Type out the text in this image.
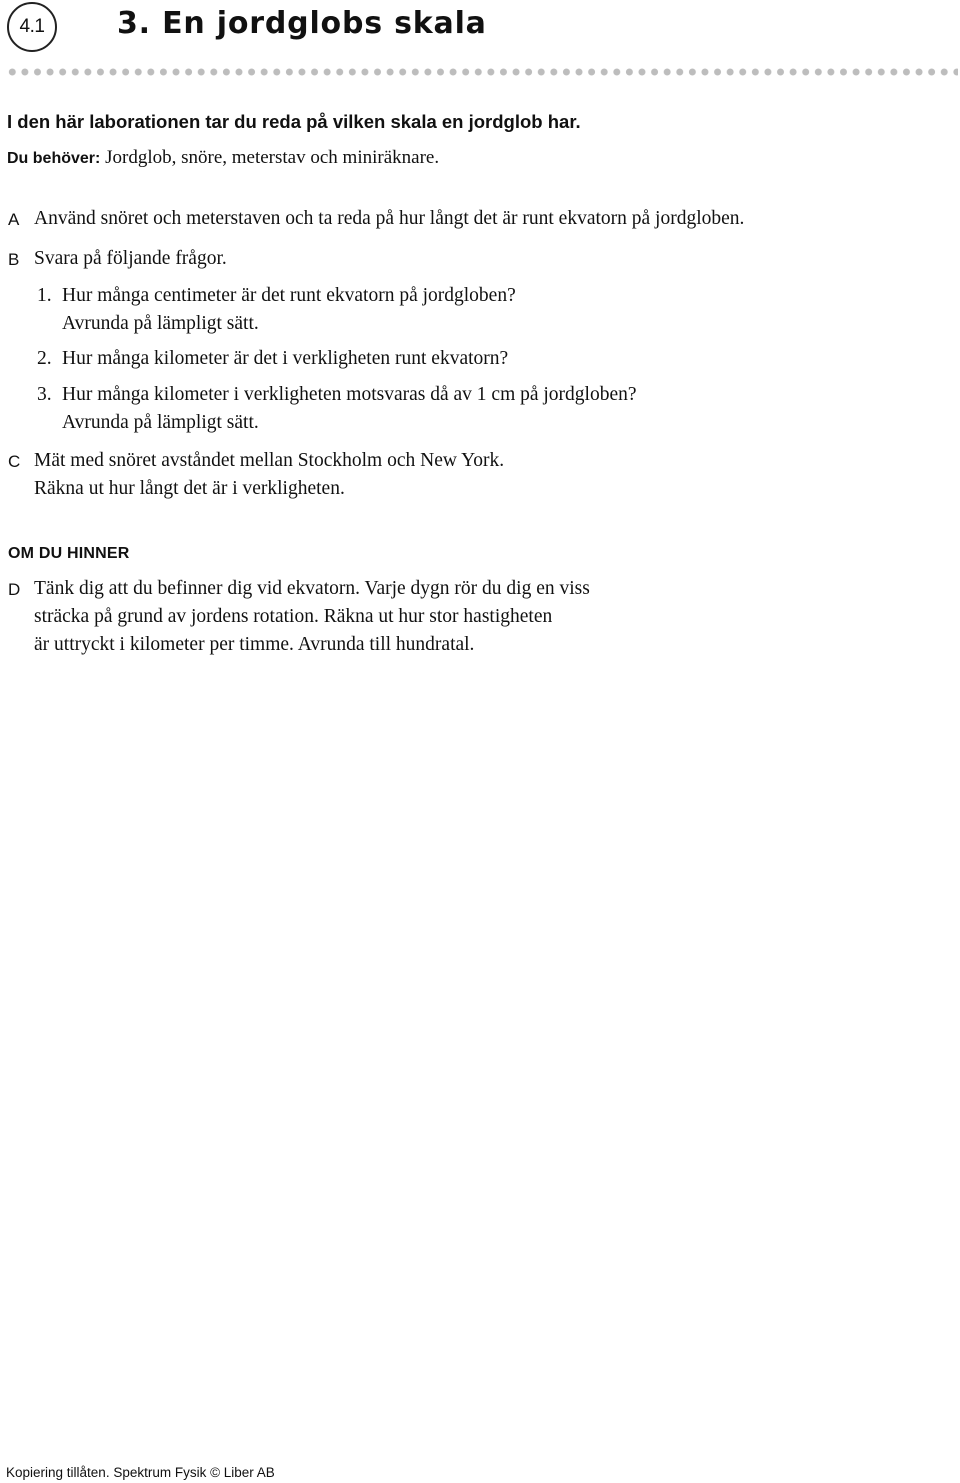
4.1	3. En jordglobs skala
I den här laborationen tar du reda på vilken skala en jordglob har.
Du behöver: Jordglob, snöre, meterstav och miniräknare.
A Använd snöret och meterstaven och ta reda på hur långt det är runt ekvatorn på jordgloben.
B Svara på följande frågor.
1. Hur många centimeter är det runt ekvatorn på jordgloben?
Avrunda på lämpligt sätt.
2. Hur många kilometer är det i verkligheten runt ekvatorn?
3. Hur många kilometer i verkligheten motsvaras då av 1 cm på jordgloben?
Avrunda på lämpligt sätt.
C Mät med snöret avståndet mellan Stockholm och New York.
Räkna ut hur långt det är i verkligheten.
OM DU HINNER
D Tänk dig att du befinner dig vid ekvatorn. Varje dygn rör du dig en viss
sträcka på grund av jordens rotation. Räkna ut hur stor hastigheten
är uttryckt i kilometer per timme. Avrunda till hundratal.
Kopiering tillåten. Spektrum Fysik © Liber AB
